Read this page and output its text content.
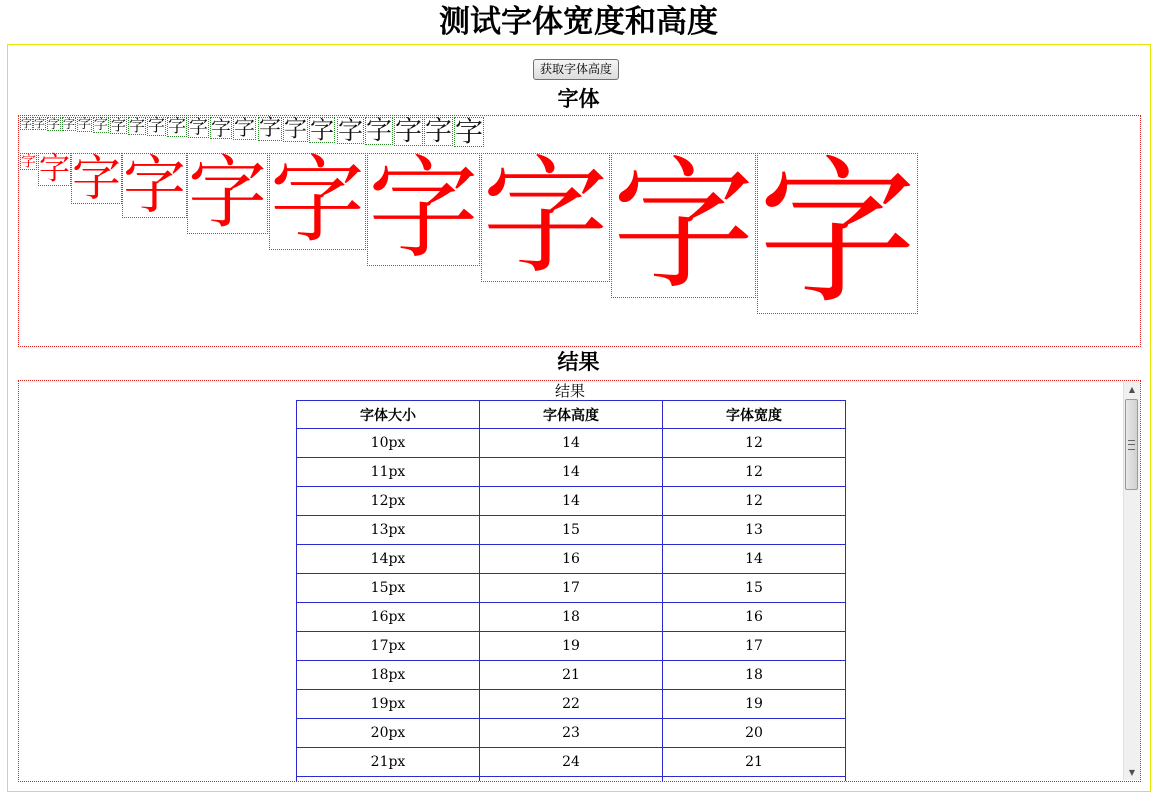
测试字体宽度和高度
获取字体高度
字体
字 字 字 字 字 字 字 字 字 字 字 字 字 字 字 字 字 字 字 字 字
字 字 字 字 字 字 字 字 字 字
结果
结果
字体大小	字体高度	字体宽度
10px	14	12
11px	14	12
12px	14	12
13px	15	13
14px	16	14
15px	17	15
16px	18	16
17px	19	17
18px	21	18
19px	22	19
20px	23	20
21px	24	21

▲
▼
